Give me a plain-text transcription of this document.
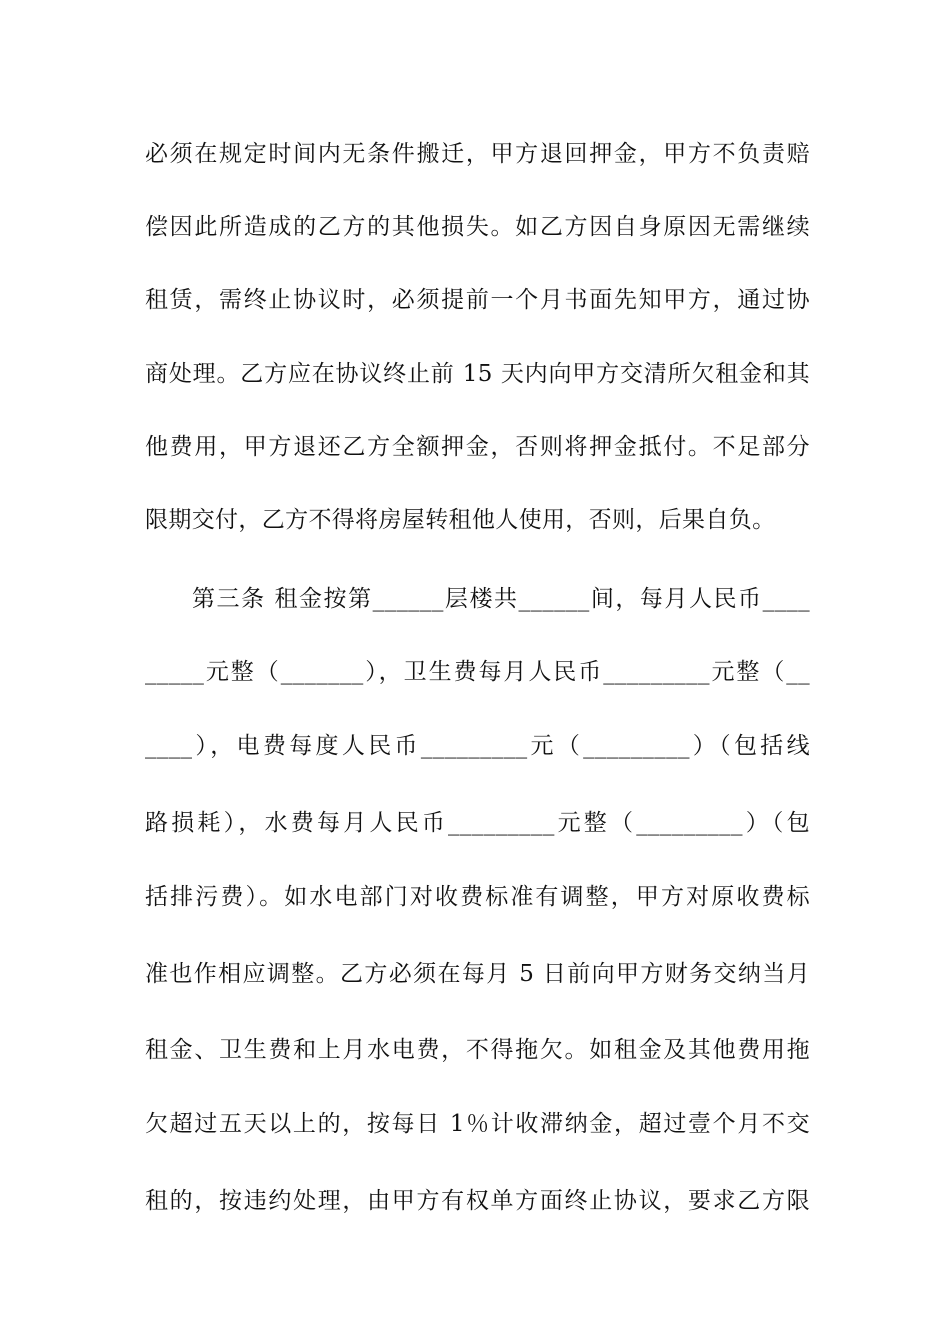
必须在规定时间内无条件搬迁，甲方退回押金，甲方不负责赔
偿因此所造成的乙方的其他损失。如乙方因自身原因无需继续
租赁，需终止协议时，必须提前一个月书面先知甲方，通过协
商处理。乙方应在协议终止前 15 天内向甲方交清所欠租金和其
他费用，甲方退还乙方全额押金，否则将押金抵付。不足部分
限期交付，乙方不得将房屋转租他人使用，否则，后果自负。
第三条 租金按第______层楼共______间，每月人民币____
_____元整（_______），卫生费每月人民币_________元整（__
____），电费每度人民币_________元（_________）（包括线
路损耗），水费每月人民币_________元整（_________）（包
括排污费）。如水电部门对收费标准有调整，甲方对原收费标
准也作相应调整。乙方必须在每月 5 日前向甲方财务交纳当月
租金、卫生费和上月水电费，不得拖欠。如租金及其他费用拖
欠超过五天以上的，按每日 1％计收滞纳金，超过壹个月不交
租的，按违约处理，由甲方有权单方面终止协议，要求乙方限
